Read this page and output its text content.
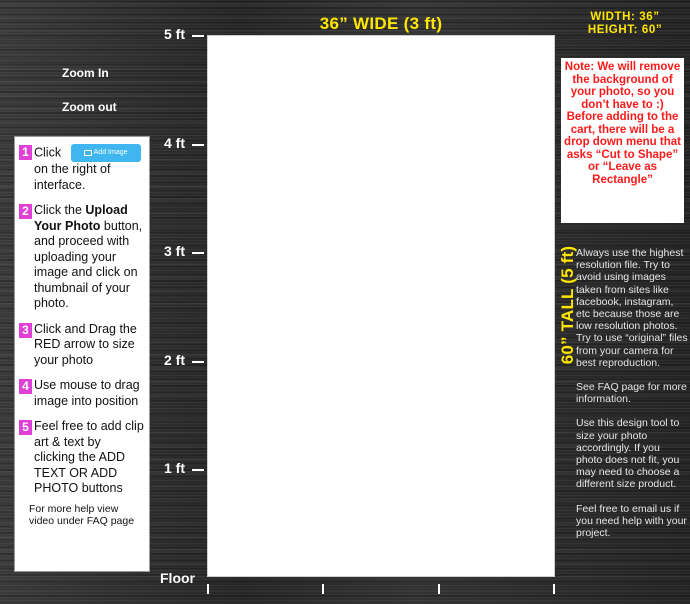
36” WIDE (3 ft)	WIDTH: 36”
HEIGHT: 60”
Zoom In
Zoom out
5 ft
4 ft
3 ft
2 ft
1 ft
Floor
1 Click	Add Image
on the right of interface.
2 Click the Upload Your Photo button, and proceed with uploading your image and click on thumbnail of your photo.
3 Click and Drag the RED arrow to size your photo
4 Use mouse to drag image into position
5 Feel free to add clip art & text by clicking the ADD TEXT OR ADD PHOTO buttons
For more help view video under FAQ page
Note: We will remove the background of your photo, so you don’t have to :)
Before adding to the cart, there will be a drop down menu that asks “Cut to Shape” or “Leave as Rectangle”
60” TALL (5 ft) Always use the highest resolution file. Try to avoid using images taken from sites like facebook, instagram, etc because those are low resolution photos. Try to use “original” files from your camera for best reproduction.

See FAQ page for more information.

Use this design tool to size your photo accordingly. If you photo does not fit, you may need to choose a different size product.

Feel free to email us if you need help with your project.
